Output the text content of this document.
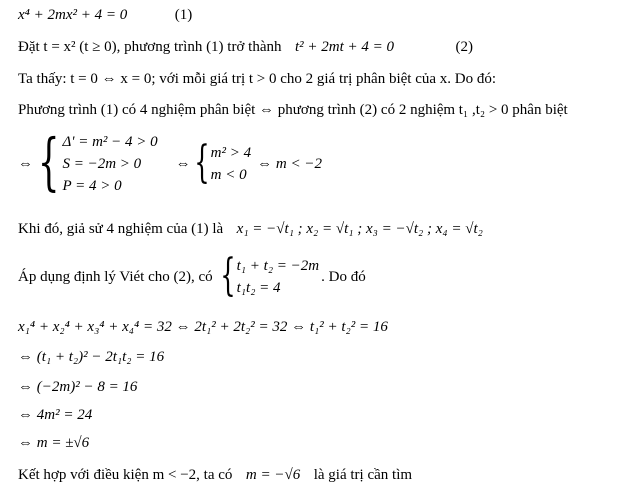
x⁴ + 2mx² + 4 = 0	(1)
Đặt t = x² (t ≥ 0), phương trình (1) trở thành t² + 2mt + 4 = 0	(2)
Ta thấy: t = 0 ⇔ x = 0; với mỗi giá trị t > 0 cho 2 giá trị phân biệt của x. Do đó:
Phương trình (1) có 4 nghiệm phân biệt ⇔ phương trình (2) có 2 nghiệm t₁ ,t₂ > 0 phân biệt
⇔ { Δ' = m² − 4 > 0
S = −2m > 0
P = 4 > 0
⇔ { m² > 4
m < 0
⇔ m < −2
Khi đó, giả sử 4 nghiệm của (1) là x₁ = −√t₁ ; x₂ = √t₁ ; x₃ = −√t₂ ; x₄ = √t₂
Áp dụng định lý Viét cho (2), có { t₁ + t₂ = −2m
t₁t₂ = 4
. Do đó
x₁⁴ + x₂⁴ + x₃⁴ + x₄⁴ = 32 ⇔ 2t₁² + 2t₂² = 32 ⇔ t₁² + t₂² = 16
⇔ (t₁ + t₂)² − 2t₁t₂ = 16
⇔ (−2m)² − 8 = 16
⇔ 4m² = 24
⇔ m = ±√6
Kết hợp với điều kiện m < −2, ta có m = −√6 là giá trị cần tìm
